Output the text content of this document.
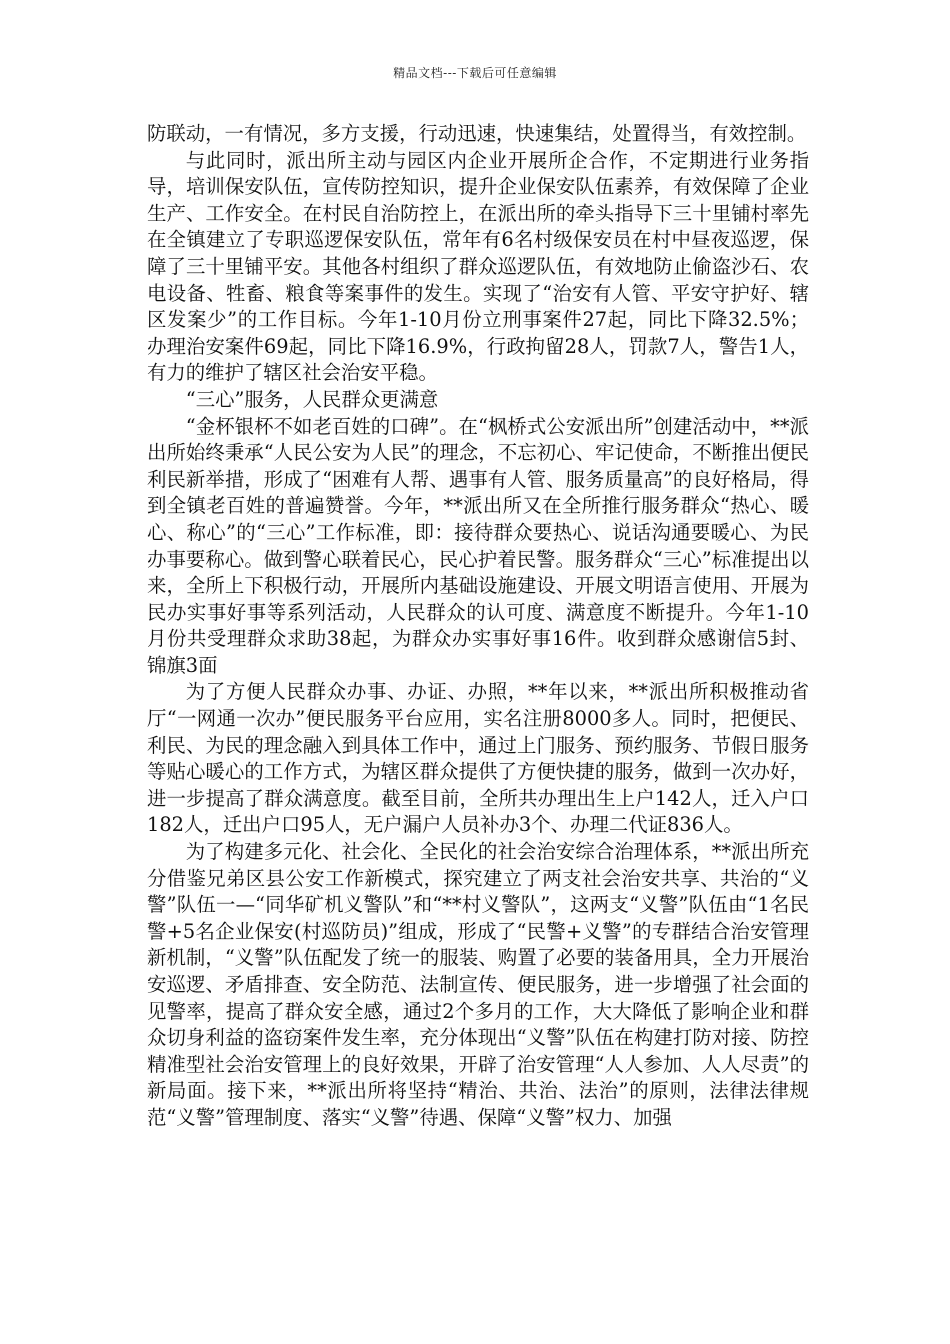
精品文档---下载后可任意编辑

防联动，一有情况，多方支援，行动迅速，快速集结，处置得当，有效控制。

与此同时，派出所主动与园区内企业开展所企合作，不定期进行业务指导，培训保安队伍，宣传防控知识，提升企业保安队伍素养，有效保障了企业生产、工作安全。在村民自治防控上，在派出所的牵头指导下三十里铺村率先在全镇建立了专职巡逻保安队伍，常年有6名村级保安员在村中昼夜巡逻，保障了三十里铺平安。其他各村组织了群众巡逻队伍，有效地防止偷盗沙石、农电设备、牲畜、粮食等案事件的发生。实现了“治安有人管、平安守护好、辖区发案少”的工作目标。今年1-10月份立刑事案件27起，同比下降32.5%；办理治安案件69起，同比下降16.9%，行政拘留28人，罚款7人，警告1人，有力的维护了辖区社会治安平稳。

“三心”服务，人民群众更满意

“金杯银杯不如老百姓的口碑”。在“枫桥式公安派出所”创建活动中，**派出所始终秉承“人民公安为人民”的理念，不忘初心、牢记使命，不断推出便民利民新举措，形成了“困难有人帮、遇事有人管、服务质量高”的良好格局，得到全镇老百姓的普遍赞誉。今年，**派出所又在全所推行服务群众“热心、暖心、称心”的“三心”工作标准，即：接待群众要热心、说话沟通要暖心、为民办事要称心。做到警心联着民心，民心护着民警。服务群众“三心”标准提出以来，全所上下积极行动，开展所内基础设施建设、开展文明语言使用、开展为民办实事好事等系列活动，人民群众的认可度、满意度不断提升。今年1-10月份共受理群众求助38起，为群众办实事好事16件。收到群众感谢信5封、锦旗3面

为了方便人民群众办事、办证、办照，**年以来，**派出所积极推动省厅“一网通一次办”便民服务平台应用，实名注册8000多人。同时，把便民、利民、为民的理念融入到具体工作中，通过上门服务、预约服务、节假日服务等贴心暖心的工作方式，为辖区群众提供了方便快捷的服务，做到一次办好，进一步提高了群众满意度。截至目前，全所共办理出生上户142人，迁入户口182人，迁出户口95人，无户漏户人员补办3个、办理二代证836人。

为了构建多元化、社会化、全民化的社会治安综合治理体系，**派出所充分借鉴兄弟区县公安工作新模式，探究建立了两支社会治安共享、共治的“义警”队伍一—“同华矿机义警队”和“**村义警队”，这两支“义警”队伍由“1名民警+5名企业保安(村巡防员)”组成，形成了“民警+义警”的专群结合治安管理新机制，“义警”队伍配发了统一的服装、购置了必要的装备用具，全力开展治安巡逻、矛盾排查、安全防范、法制宣传、便民服务，进一步增强了社会面的见警率，提高了群众安全感，通过2个多月的工作，大大降低了影响企业和群众切身利益的盗窃案件发生率，充分体现出“义警”队伍在构建打防对接、防控精准型社会治安管理上的良好效果，开辟了治安管理“人人参加、人人尽责”的新局面。接下来，**派出所将坚持“精治、共治、法治”的原则，法律法律规范“义警”管理制度、落实“义警”待遇、保障“义警”权力、加强
